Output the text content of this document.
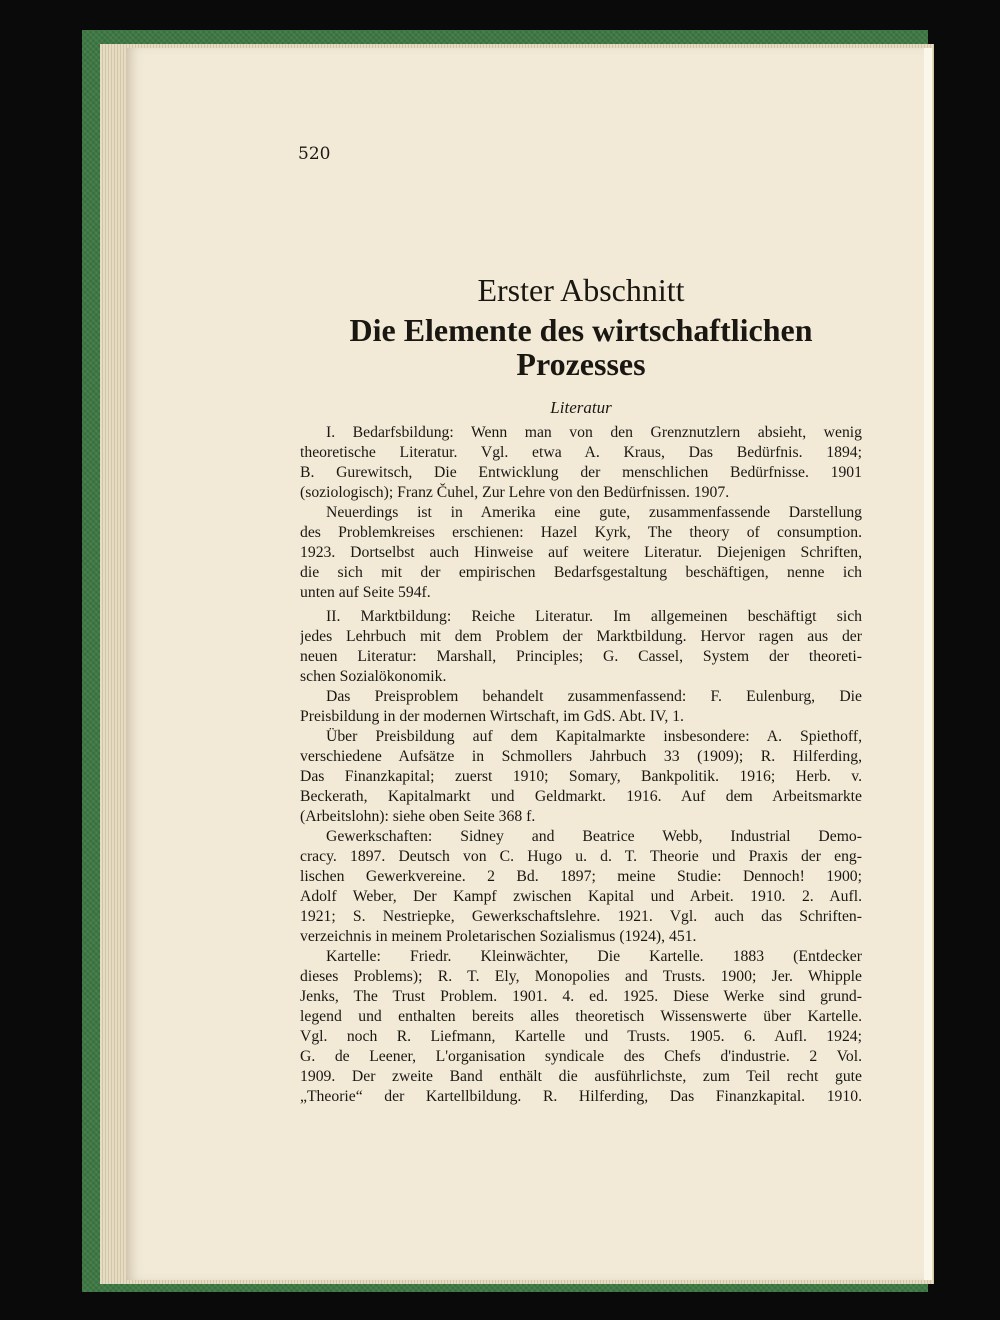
520
Erster Abschnitt
Die Elemente des wirtschaftlichen
Prozesses
Literatur
I. Bedarfsbildung: Wenn man von den Grenznutzlern absieht, wenig
theoretische Literatur. Vgl. etwa A. Kraus, Das Bedürfnis. 1894;
B. Gurewitsch, Die Entwicklung der menschlichen Bedürfnisse. 1901
(soziologisch); Franz Čuhel, Zur Lehre von den Bedürfnissen. 1907.
Neuerdings ist in Amerika eine gute, zusammenfassende Darstellung
des Problemkreises erschienen: Hazel Kyrk, The theory of consumption.
1923. Dortselbst auch Hinweise auf weitere Literatur. Diejenigen Schriften,
die sich mit der empirischen Bedarfsgestaltung beschäftigen, nenne ich
unten auf Seite 594f.
II. Marktbildung: Reiche Literatur. Im allgemeinen beschäftigt sich
jedes Lehrbuch mit dem Problem der Marktbildung. Hervor ragen aus der
neuen Literatur: Marshall, Principles; G. Cassel, System der theoreti-
schen Sozialökonomik.
Das Preisproblem behandelt zusammenfassend: F. Eulenburg, Die
Preisbildung in der modernen Wirtschaft, im GdS. Abt. IV, 1.
Über Preisbildung auf dem Kapitalmarkte insbesondere: A. Spiethoff,
verschiedene Aufsätze in Schmollers Jahrbuch 33 (1909); R. Hilferding,
Das Finanzkapital; zuerst 1910; Somary, Bankpolitik. 1916; Herb. v.
Beckerath, Kapitalmarkt und Geldmarkt. 1916. Auf dem Arbeitsmarkte
(Arbeitslohn): siehe oben Seite 368 f.
Gewerkschaften: Sidney and Beatrice Webb, Industrial Demo-
cracy. 1897. Deutsch von C. Hugo u. d. T. Theorie und Praxis der eng-
lischen Gewerkvereine. 2 Bd. 1897; meine Studie: Dennoch! 1900;
Adolf Weber, Der Kampf zwischen Kapital und Arbeit. 1910. 2. Aufl.
1921; S. Nestriepke, Gewerkschaftslehre. 1921. Vgl. auch das Schriften-
verzeichnis in meinem Proletarischen Sozialismus (1924), 451.
Kartelle: Friedr. Kleinwächter, Die Kartelle. 1883 (Entdecker
dieses Problems); R. T. Ely, Monopolies and Trusts. 1900; Jer. Whipple
Jenks, The Trust Problem. 1901. 4. ed. 1925. Diese Werke sind grund-
legend und enthalten bereits alles theoretisch Wissenswerte über Kartelle.
Vgl. noch R. Liefmann, Kartelle und Trusts. 1905. 6. Aufl. 1924;
G. de Leener, L'organisation syndicale des Chefs d'industrie. 2 Vol.
1909. Der zweite Band enthält die ausführlichste, zum Teil recht gute
„Theorie“ der Kartellbildung. R. Hilferding, Das Finanzkapital. 1910.
